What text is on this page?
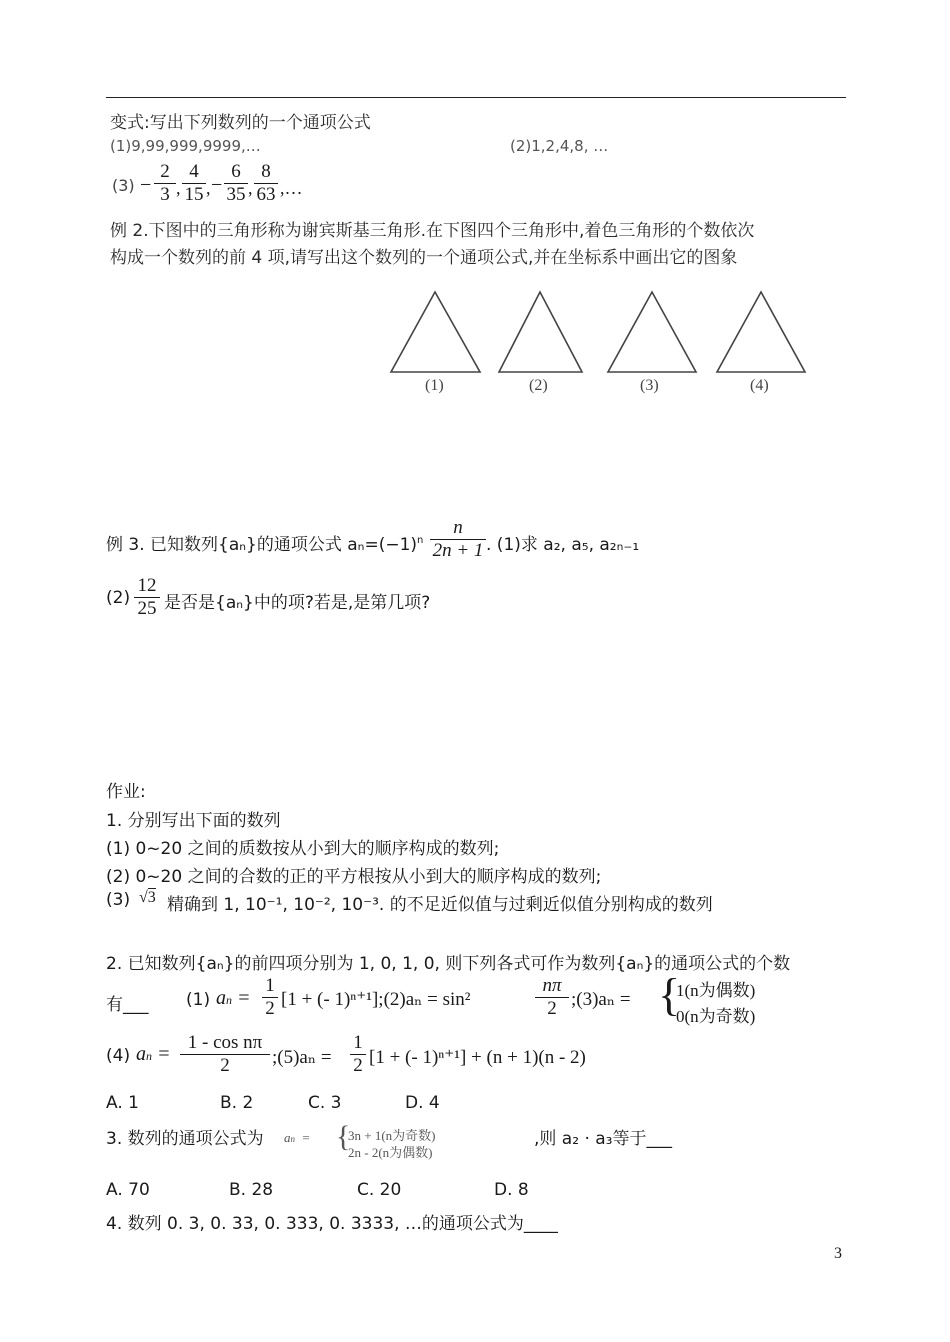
变式:写出下列数列的一个通项公式
(1)9,99,999,9999,…	(2)1,2,4,8, …
(3) −
2
3 ,
4
15 , −
6
35 ,
8
63 ,…
例 2.下图中的三角形称为谢宾斯基三角形.在下图四个三角形中,着色三角形的个数依次
构成一个数列的前 4 项,请写出这个数列的一个通项公式,并在坐标系中画出它的图象
(1)	(2)	(3)	(4)
例 3. 已知数列{aₙ}的通项公式 $a_n=(-1)^n$
n
2n + 1 . (1)求 a₂, a₅, a₂ₙ₋₁
(2)
12
25 是否是{aₙ}中的项?若是,是第几项?
作业:
1. 分别写出下面的数列
(1) 0~20 之间的质数按从小到大的顺序构成的数列;
(2) 0~20 之间的合数的正的平方根按从小到大的顺序构成的数列;
(3) √3 精确到 1, 10⁻¹, 10⁻², 10⁻³. 的不足近似值与过剩近似值分别构成的数列
2. 已知数列{aₙ}的前四项分别为 1, 0, 1, 0, 则下列各式可作为数列{aₙ}的通项公式的个数
有___ (1) an =
1
2 [1 + (- 1)ⁿ⁺¹];(2)aₙ = sin²
nπ
2 ;(3)aₙ = {
1(n为偶数)
0(n为奇数)
(4) an =
1 - cos nπ
2	;(5)aₙ =
1
2 [1 + (- 1)ⁿ⁺¹] + (n + 1)(n - 2)
A. 1	B. 2	C. 3	D. 4
3. 数列的通项公式为 an  = {
3n + 1(n为奇数)
2n - 2(n为偶数)
,则 a₂ · a₃等于___
A. 70	B. 28	C. 20	D. 8
4. 数列 0. 3, 0. 33, 0. 333, 0. 3333, …的通项公式为____
3
